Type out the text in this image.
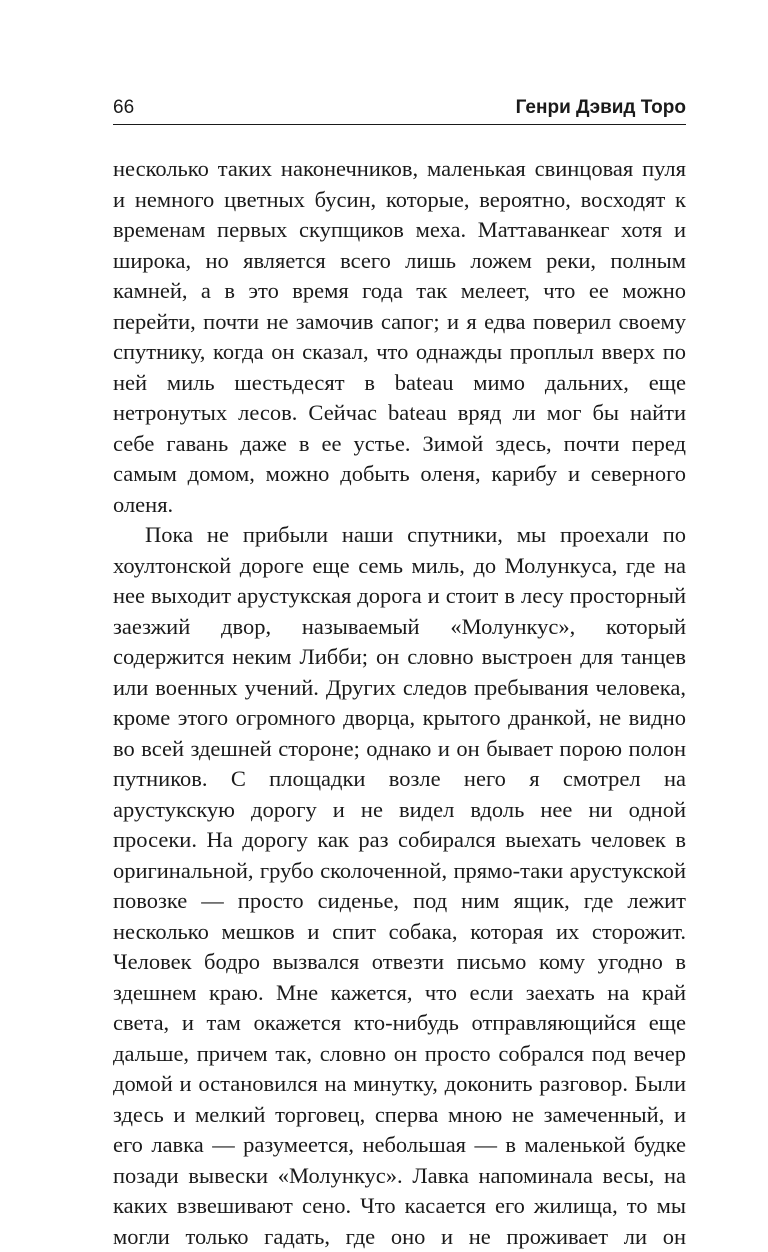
66	Генри Дэвид Торо

несколько таких наконечников, маленькая свинцовая пуля и немного цветных бусин, которые, вероятно, восходят к временам первых скупщиков меха. Маттаванкеаг хотя и широка, но является всего лишь ложем реки, полным камней, а в это время года так мелеет, что ее можно перейти, почти не замочив сапог; и я едва поверил своему спутнику, когда он сказал, что однажды проплыл вверх по ней миль шестьдесят в bateau мимо дальних, еще нетронутых лесов. Сейчас bateau вряд ли мог бы найти себе гавань даже в ее устье. Зимой здесь, почти перед самым домом, можно добыть оленя, карибу и северного оленя.

Пока не прибыли наши спутники, мы проехали по хоултонской дороге еще семь миль, до Молункуса, где на нее выходит арустукская дорога и стоит в лесу просторный заезжий двор, называемый «Молункус», который содержится неким Либби; он словно выстроен для танцев или военных учений. Других следов пребывания человека, кроме этого огромного дворца, крытого дранкой, не видно во всей здешней стороне; однако и он бывает порою полон путников. С площадки возле него я смотрел на арустукскую дорогу и не видел вдоль нее ни одной просеки. На дорогу как раз собирался выехать человек в оригинальной, грубо сколоченной, прямо-таки арустукской повозке — просто сиденье, под ним ящик, где лежит несколько мешков и спит собака, которая их сторожит. Человек бодро вызвался отвезти письмо кому угодно в здешнем краю. Мне кажется, что если заехать на край света, и там окажется кто-нибудь отправляющийся еще дальше, причем так, словно он просто собрался под вечер домой и остановился на минутку, доконить разговор. Были здесь и мелкий торговец, сперва мною не замеченный, и его лавка — разумеется, небольшая — в маленькой будке позади вывески «Молункус». Лавка напоминала весы, на каких взвешивают сено. Что касается его жилища, то мы могли только гадать, где оно и не проживает ли он
